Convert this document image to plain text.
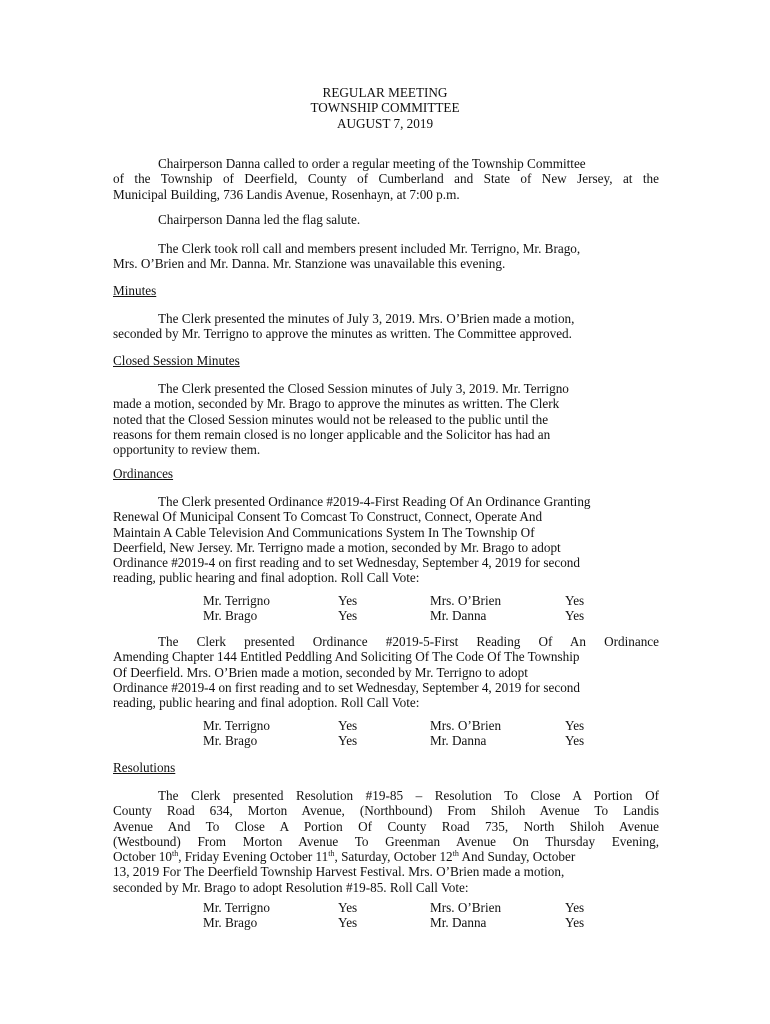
REGULAR MEETING
TOWNSHIP COMMITTEE
AUGUST 7, 2019

Chairperson Danna called to order a regular meeting of the Township Committee

of the Township of Deerfield, County of Cumberland and State of New Jersey, at the

Municipal Building, 736 Landis Avenue, Rosenhayn, at 7:00 p.m.

Chairperson Danna led the flag salute.

The Clerk took roll call and members present included Mr. Terrigno, Mr. Brago,

Mrs. O’Brien and Mr. Danna. Mr. Stanzione was unavailable this evening.

Minutes

The Clerk presented the minutes of July 3, 2019. Mrs. O’Brien made a motion,

seconded by Mr. Terrigno to approve the minutes as written. The Committee approved.

Closed Session Minutes

The Clerk presented the Closed Session minutes of July 3, 2019. Mr. Terrigno

made a motion, seconded by Mr. Brago to approve the minutes as written. The Clerk

noted that the Closed Session minutes would not be released to the public until the

reasons for them remain closed is no longer applicable and the Solicitor has had an

opportunity to review them.

Ordinances

The Clerk presented Ordinance #2019-4-First Reading Of An Ordinance Granting

Renewal Of Municipal Consent To Comcast To Construct, Connect, Operate And

Maintain A Cable Television And Communications System In The Township Of

Deerfield, New Jersey. Mr. Terrigno made a motion, seconded by Mr. Brago to adopt

Ordinance #2019-4 on first reading and to set Wednesday, September 4, 2019 for second

reading, public hearing and final adoption. Roll Call Vote:

Mr. Terrigno	Yes	Mrs. O’Brien	Yes
Mr. Brago	Yes	Mr. Danna	Yes

The Clerk presented Ordinance #2019-5-First Reading Of An Ordinance

Amending Chapter 144 Entitled Peddling And Soliciting Of The Code Of The Township

Of Deerfield. Mrs. O’Brien made a motion, seconded by Mr. Terrigno to adopt

Ordinance #2019-4 on first reading and to set Wednesday, September 4, 2019 for second

reading, public hearing and final adoption. Roll Call Vote:

Mr. Terrigno	Yes	Mrs. O’Brien	Yes
Mr. Brago	Yes	Mr. Danna	Yes

Resolutions

The Clerk presented Resolution #19-85 – Resolution To Close A Portion Of

County Road 634, Morton Avenue, (Northbound) From Shiloh Avenue To Landis

Avenue And To Close A Portion Of County Road 735, North Shiloh Avenue

(Westbound) From Morton Avenue To Greenman Avenue On Thursday Evening,

October 10th, Friday Evening October 11th, Saturday, October 12th And Sunday, October

13, 2019 For The Deerfield Township Harvest Festival. Mrs. O’Brien made a motion,

seconded by Mr. Brago to adopt Resolution #19-85. Roll Call Vote:

Mr. Terrigno	Yes	Mrs. O’Brien	Yes
Mr. Brago	Yes	Mr. Danna	Yes
